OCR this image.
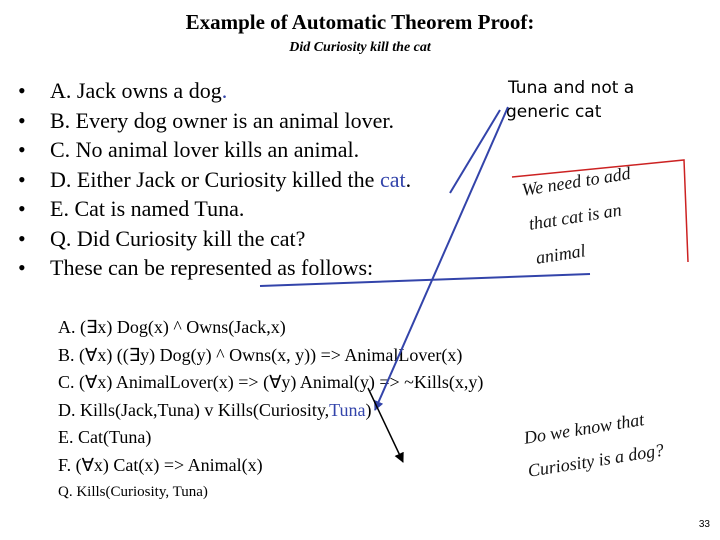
Example of Automatic Theorem Proof:
Did Curiosity kill the cat
• A. Jack owns a dog.
• B. Every dog owner is an animal lover.
• C. No animal lover kills an animal.
• D. Either Jack or Curiosity killed the cat.
• E. Cat is named Tuna.
• Q. Did Curiosity kill the cat?
• These can be represented as follows:
A. (∃x) Dog(x) ^ Owns(Jack,x)
B. (∀x) ((∃y) Dog(y) ^ Owns(x, y)) => AnimalLover(x)
C. (∀x) AnimalLover(x) => (∀y) Animal(y) => ~Kills(x,y)
D. Kills(Jack,Tuna) v Kills(Curiosity,Tuna)
E. Cat(Tuna)
F. (∀x) Cat(x) => Animal(x)
Q. Kills(Curiosity, Tuna)
Tuna and not a
generic cat
We need to add
that cat is an
animal
Do we know that
Curiosity is a dog?
33
